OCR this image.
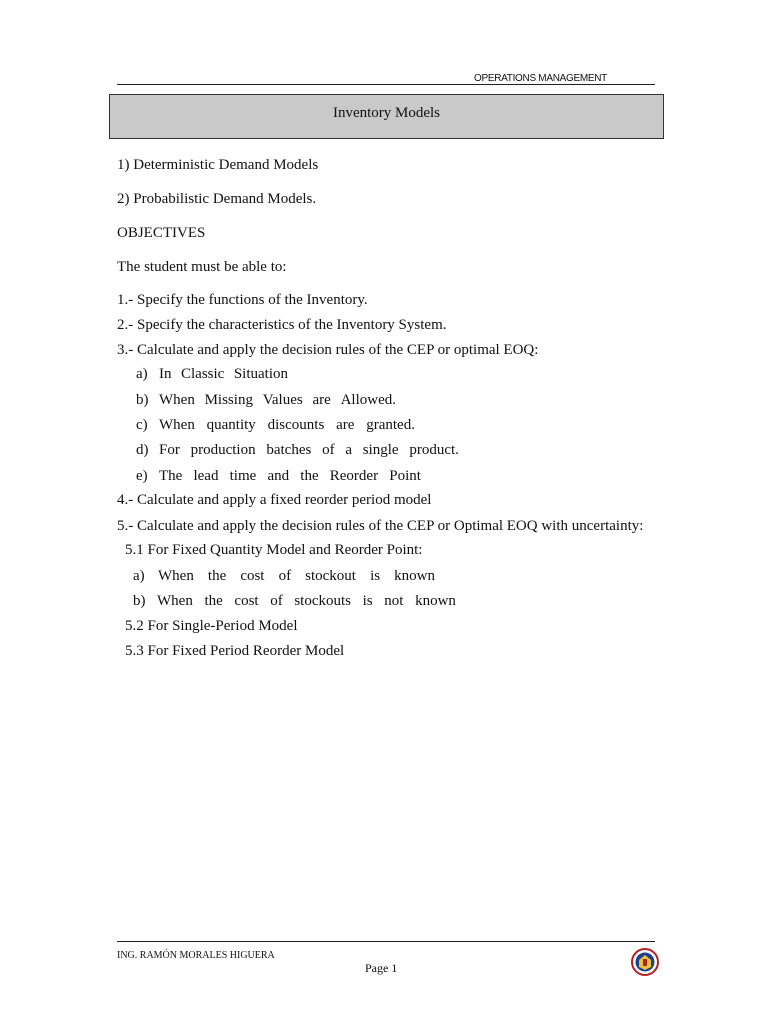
OPERATIONS MANAGEMENT
Inventory Models
1) Deterministic Demand Models
2) Probabilistic Demand Models.
OBJECTIVES
The student must be able to:
1.- Specify the functions of the Inventory.
2.- Specify the characteristics of the Inventory System.
3.- Calculate and apply the decision rules of the CEP or optimal EOQ:
a) In Classic Situation
b) When Missing Values are Allowed.
c) When quantity discounts are granted.
d) For production batches of a single product.
e) The lead time and the Reorder Point
4.- Calculate and apply a fixed reorder period model
5.- Calculate and apply the decision rules of the CEP or Optimal EOQ with uncertainty:
5.1 For Fixed Quantity Model and Reorder Point:
a) When the cost of stockout is known
b) When the cost of stockouts is not known
5.2 For Single-Period Model
5.3 For Fixed Period Reorder Model
ING. RAMÓN MORALES HIGUERA
Page 1
